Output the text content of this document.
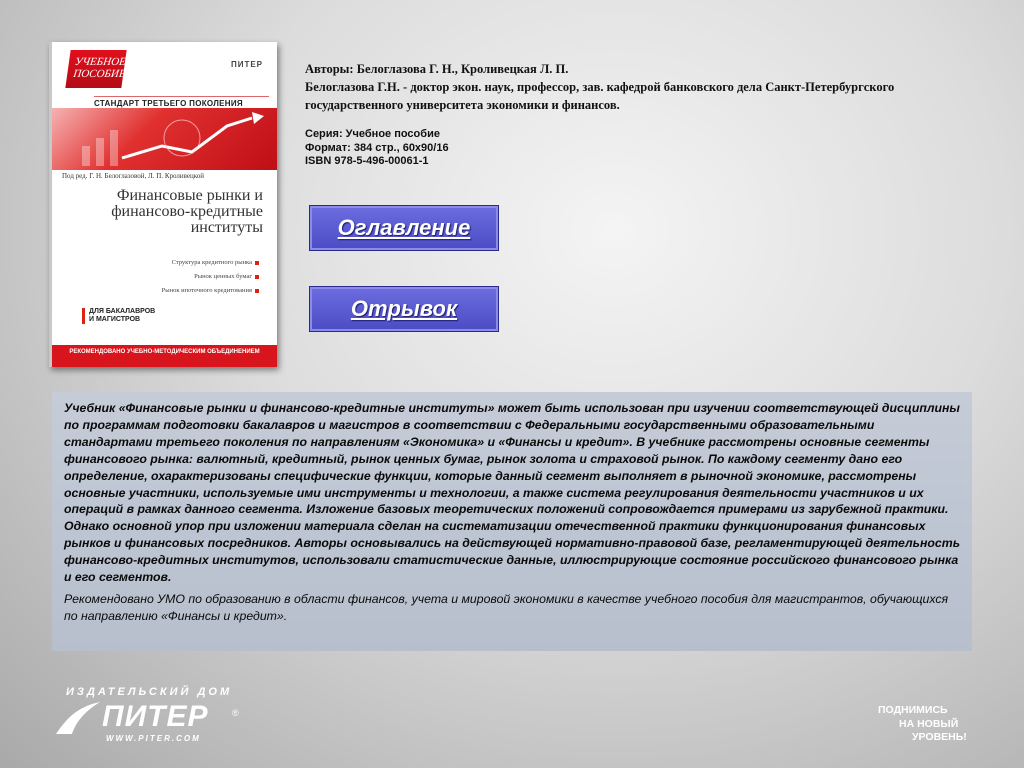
УЧЕБНОЕ ПОСОБИЕ
ПИТЕР
СТАНДАРТ ТРЕТЬЕГО ПОКОЛЕНИЯ
Под ред. Г. Н. Белоглазовой, Л. П. Кроливецкой
Финансовые рынки и финансово-кредитные институты
Структура кредитного рынка
Рынок ценных бумаг
Рынок ипотечного кредитования
ДЛЯ БАКАЛАВРОВ И МАГИСТРОВ
РЕКОМЕНДОВАНО УЧЕБНО-МЕТОДИЧЕСКИМ ОБЪЕДИНЕНИЕМ

Авторы: Белоглазова Г. Н., Кроливецкая Л. П.

Белоглазова Г.Н. - доктор экон. наук, профессор, зав. кафедрой банковского дела Санкт-Петербургского государственного университета экономики и финансов.

Серия: Учебное пособие
Формат: 384 стр., 60х90/16
ISBN 978-5-496-00061-1
Оглавление
Отрывок

Учебник «Финансовые рынки и финансово-кредитные институты» может быть использован при изучении соответствующей дисциплины по программам подготовки бакалавров и магистров в соответствии с Федеральными государственными образовательными стандартами третьего поколения по направлениям «Экономика» и «Финансы и кредит». В учебнике рассмотрены основные сегменты финансового рынка: валютный, кредитный, рынок ценных бумаг, рынок золота и страховой рынок. По каждому сегменту дано его определение, охарактеризованы специфические функции, которые данный сегмент выполняет в рыночной экономике, рассмотрены основные участники, используемые ими инструменты и технологии, а также система регулирования деятельности участников и их операций в рамках данного сегмента. Изложение базовых теоретических положений сопровождается примерами из зарубежной практики. Однако основной упор при изложении материала сделан на систематизации отечественной практики функционирования финансовых рынков и финансовых посредников. Авторы основывались на действующей нормативно-правовой базе, регламентирующей деятельность финансово-кредитных институтов, использовали статистические данные, иллюстрирующие состояние российского финансового рынка и его сегментов.

Рекомендовано УМО по образованию в области финансов, учета и мировой экономики в качестве учебного пособия для магистрантов, обучающихся по направлению «Финансы и кредит».

ИЗДАТЕЛЬСКИЙ ДОМ
ПИТЕР	®
WWW.PITER.COM
ПОДНИМИСЬ
НА НОВЫЙ
УРОВЕНЬ!
